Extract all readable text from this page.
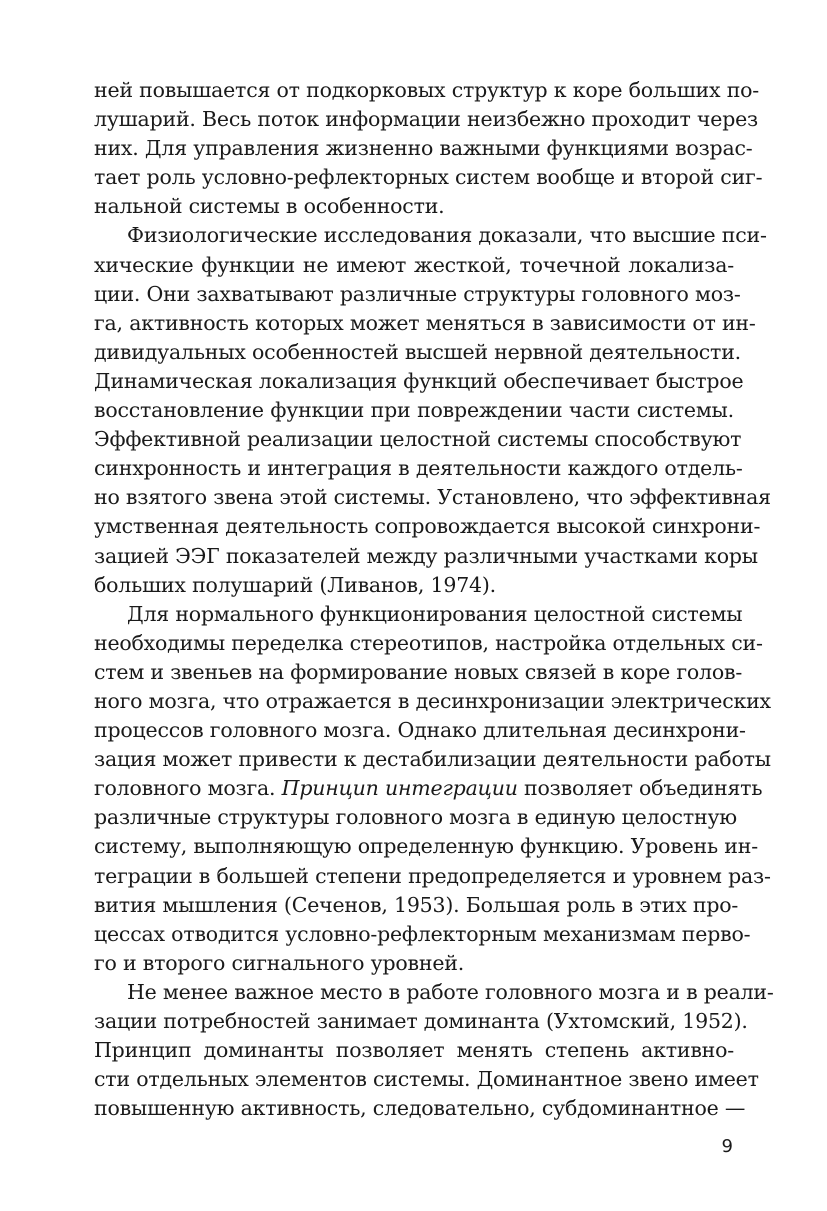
ней повышается от подкорковых структур к коре больших по-
лушарий. Весь поток информации неизбежно проходит через
них. Для управления жизненно важными функциями возрас-
тает роль условно-рефлекторных систем вообще и второй сиг-
нальной системы в особенности.
Физиологические исследования доказали, что высшие пси-
хические функции не имеют жесткой, точечной локализа-
ции. Они захватывают различные структуры головного моз-
га, активность которых может меняться в зависимости от ин-
дивидуальных особенностей высшей нервной деятельности.
Динамическая локализация функций обеспечивает быстрое
восстановление функции при повреждении части системы.
Эффективной реализации целостной системы способствуют
синхронность и интеграция в деятельности каждого отдель-
но взятого звена этой системы. Установлено, что эффективная
умственная деятельность сопровождается высокой синхрони-
зацией ЭЭГ показателей между различными участками коры
больших полушарий (Ливанов, 1974).
Для нормального функционирования целостной системы
необходимы переделка стереотипов, настройка отдельных си-
стем и звеньев на формирование новых связей в коре голов-
ного мозга, что отражается в десинхронизации электрических
процессов головного мозга. Однако длительная десинхрони-
зация может привести к дестабилизации деятельности работы
головного мозга. Принцип интеграции позволяет объединять
различные структуры головного мозга в единую целостную
систему, выполняющую определенную функцию. Уровень ин-
теграции в большей степени предопределяется и уровнем раз-
вития мышления (Сеченов, 1953). Большая роль в этих про-
цессах отводится условно-рефлекторным механизмам перво-
го и второго сигнального уровней.
Не менее важное место в работе головного мозга и в реали-
зации потребностей занимает доминанта (Ухтомский, 1952).
Принцип доминанты позволяет менять степень активно-
сти отдельных элементов системы. Доминантное звено имеет
повышенную активность, следовательно, субдоминантное —
9
